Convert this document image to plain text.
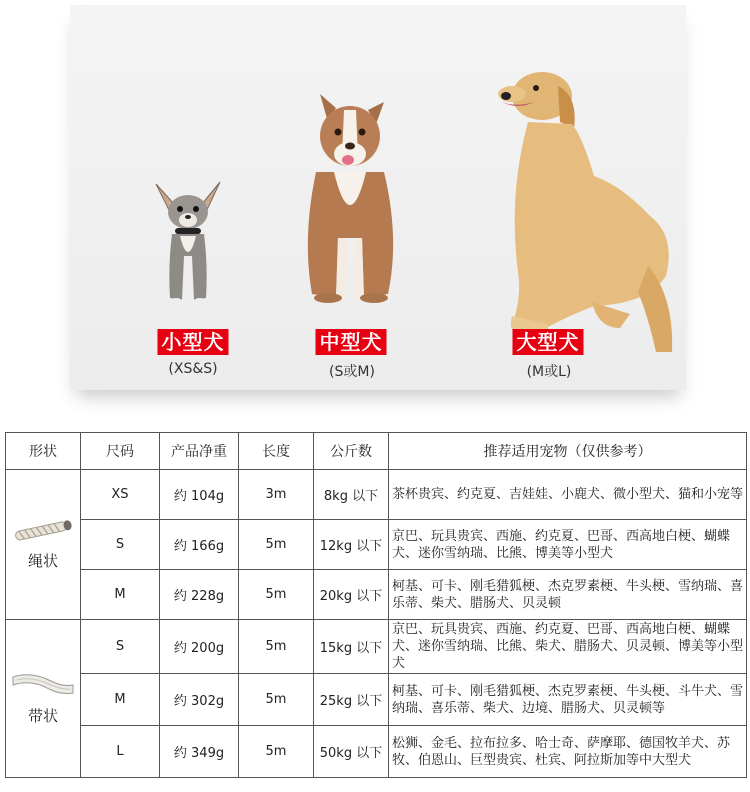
小型犬
(XS&S)
中型犬
(S或M)
大型犬
(M或L)
形状	尺码	产品净重	长度	公斤数	推荐适用宠物（仅供参考）

绳状	XS	约 104g	3m	8kg 以下	茶杯贵宾、约克夏、吉娃娃、小鹿犬、微小型犬、猫和小宠等
	S	约 166g	5m	12kg 以下	京巴、玩具贵宾、西施、约克夏、巴哥、西高地白梗、蝴蝶犬、迷你雪纳瑞、比熊、博美等小型犬
	M	约 228g	5m	20kg 以下	柯基、可卡、刚毛猎狐梗、杰克罗素梗、牛头梗、雪纳瑞、喜乐蒂、柴犬、腊肠犬、贝灵顿

带状	S	约 200g	5m	15kg 以下	京巴、玩具贵宾、西施、约克夏、巴哥、西高地白梗、蝴蝶犬、迷你雪纳瑞、比熊、柴犬、腊肠犬、贝灵顿、博美等小型犬
	M	约 302g	5m	25kg 以下	柯基、可卡、刚毛猎狐梗、杰克罗素梗、牛头梗、斗牛犬、雪纳瑞、喜乐蒂、柴犬、边境、腊肠犬、贝灵顿等
	L	约 349g	5m	50kg 以下	松狮、金毛、拉布拉多、哈士奇、萨摩耶、德国牧羊犬、苏牧、伯恩山、巨型贵宾、杜宾、阿拉斯加等中大型犬
